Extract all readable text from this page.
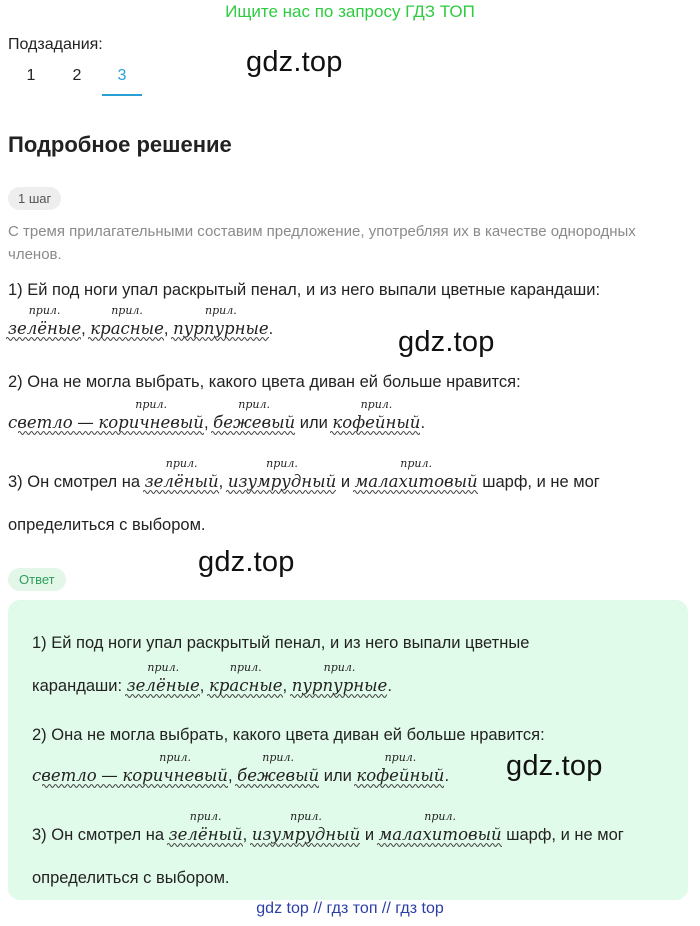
Ищите нас по запросу ГДЗ ТОП
gdz.top
gdz.top
gdz.top
gdz.top
Подзадания:
1	2	3
Подробное решение
1 шаг
С тремя прилагательными составим предложение, употребляя их в качестве однородных членов.
1) Ей под ноги упал раскрытый пенал, и из него выпали цветные карандаши:
зелёные
прил.
, красные
прил.
, пурпурные
прил.
.
2) Она не могла выбрать, какого цвета диван ей больше нравится:
светло — коричневый
прил.
, бежевый
прил.
или кофейный
прил.
.
3) Он смотрел на зелёный
прил.
, изумрудный
прил.
и малахитовый
прил.
шарф, и не мог
определиться с выбором.
Ответ
1) Ей под ноги упал раскрытый пенал, и из него выпали цветные
карандаши: зелёные
прил.
, красные
прил.
, пурпурные
прил.
.
2) Она не могла выбрать, какого цвета диван ей больше нравится:
светло — коричневый
прил.
, бежевый
прил.
или кофейный
прил.
.
3) Он смотрел на зелёный
прил.
, изумрудный
прил.
и малахитовый
прил.
шарф, и не мог
определиться с выбором.
gdz top // гдз топ // гдз top
